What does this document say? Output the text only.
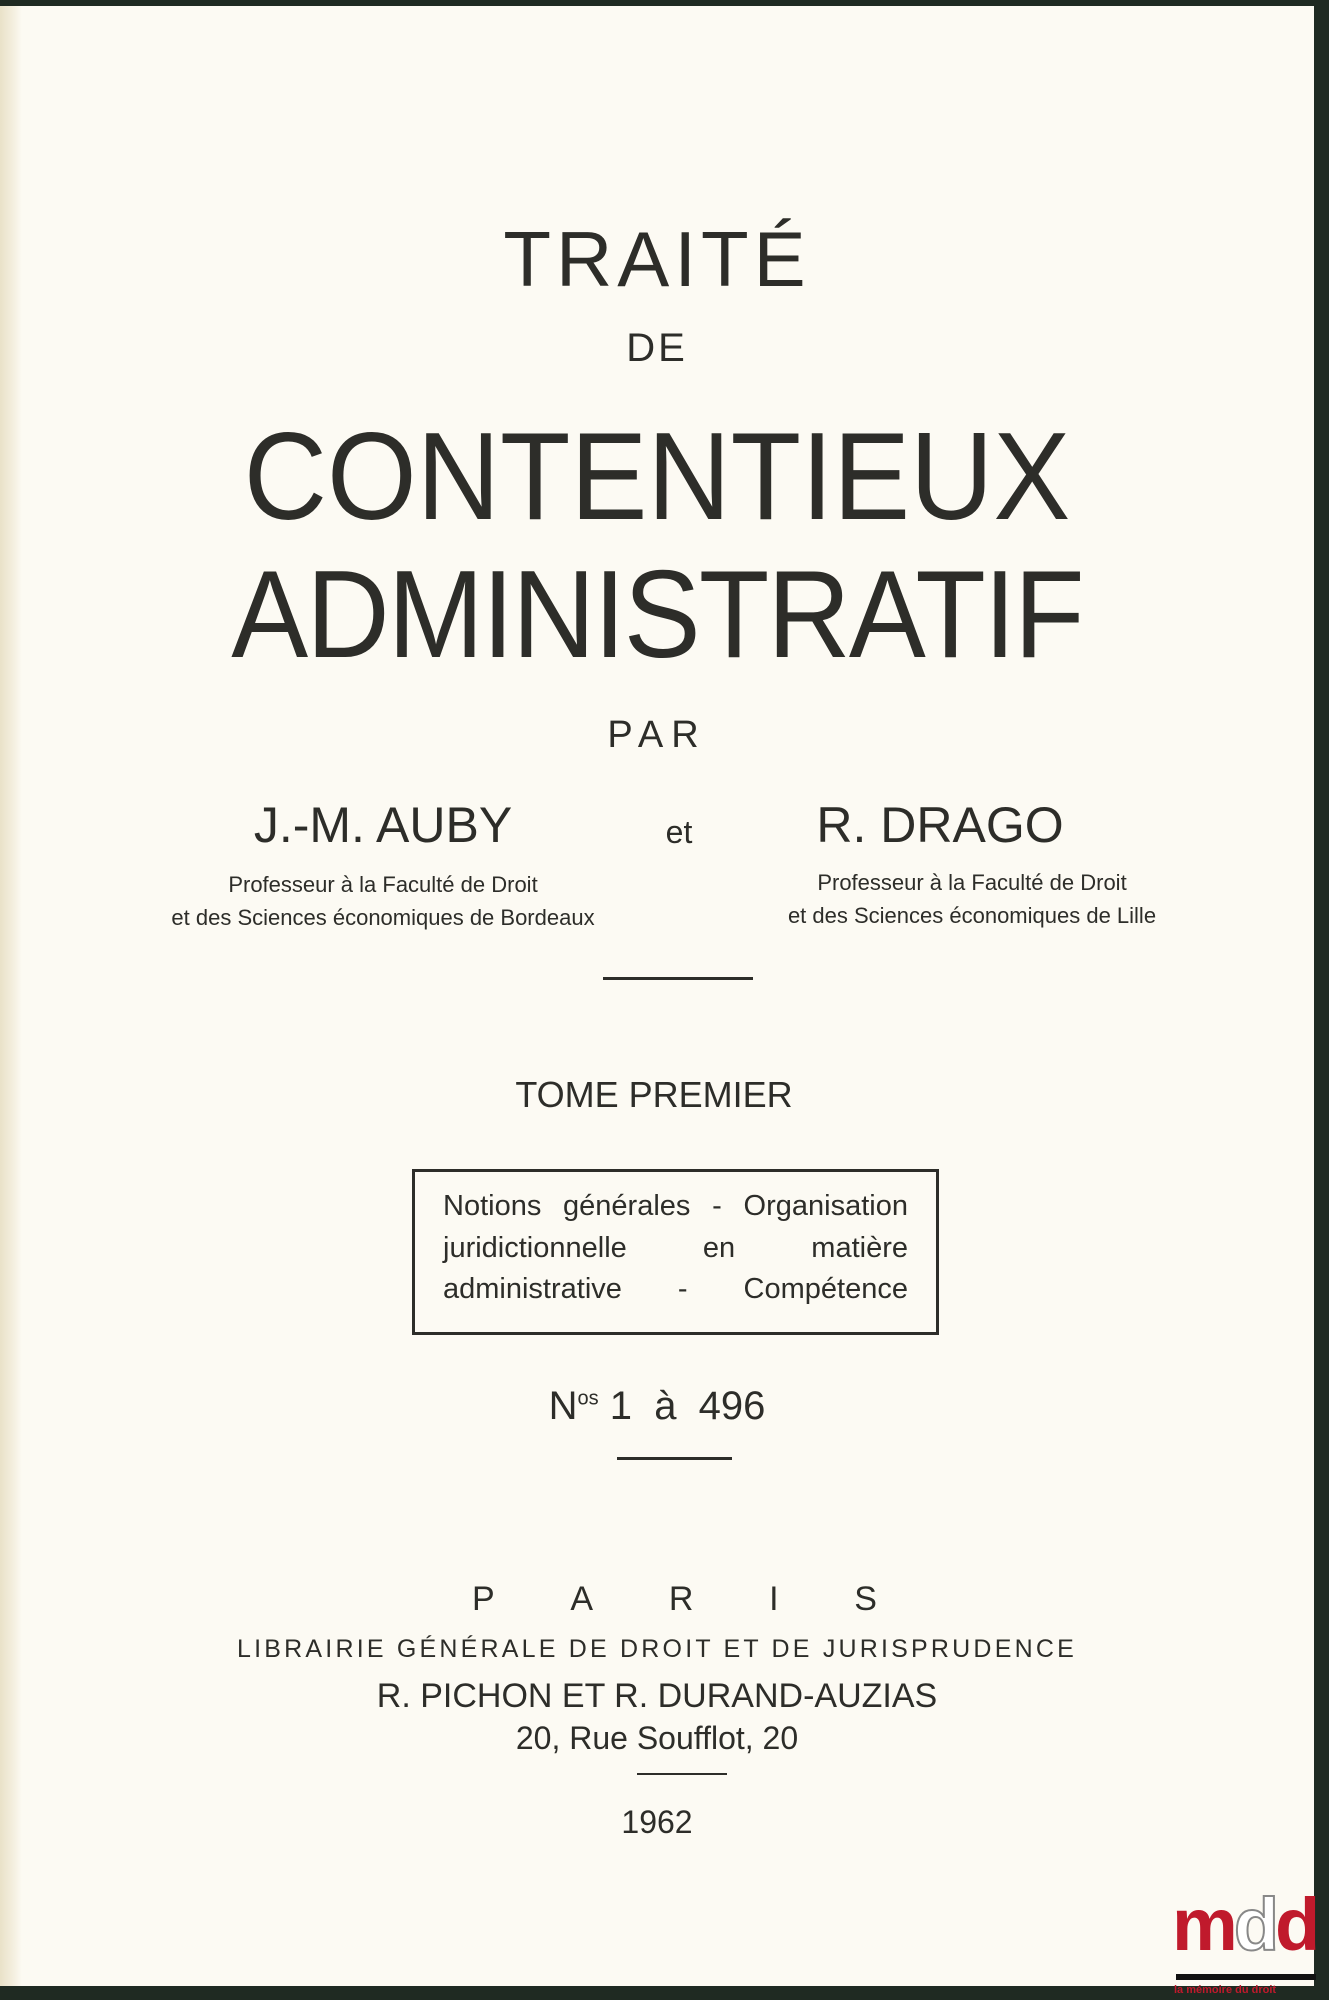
TRAITÉ
DE
CONTENTIEUX
ADMINISTRATIF
PAR
J.-M. AUBY	et R. DRAGO
Professeur à la Faculté de Droit
et des Sciences économiques de Bordeaux
Professeur à la Faculté de Droit
et des Sciences économiques de Lille
TOME PREMIER
Notions générales - Organisation
juridictionnelle	en	matière
administrative - Compétence
$N^{os}$ 1  à  496
P A R I S
LIBRAIRIE GÉNÉRALE DE DROIT ET DE JURISPRUDENCE
R. PICHON ET R. DURAND-AUZIAS
20, Rue Soufflot, 20
1962
mdd
la mémoire du droit
